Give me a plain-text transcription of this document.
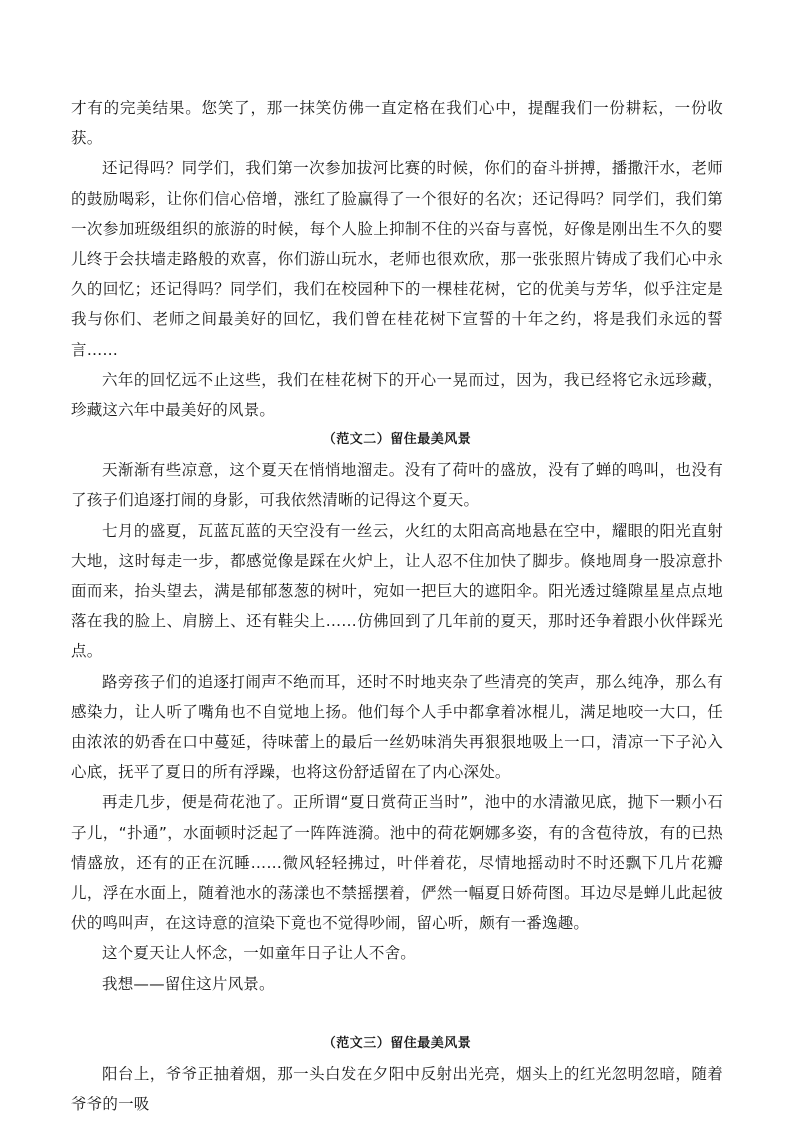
才有的完美结果。您笑了，那一抹笑仿佛一直定格在我们心中，提醒我们一份耕耘，一份收获。

还记得吗？同学们，我们第一次参加拔河比赛的时候，你们的奋斗拼搏，播撒汗水，老师的鼓励喝彩，让你们信心倍增，涨红了脸赢得了一个很好的名次；还记得吗？同学们，我们第一次参加班级组织的旅游的时候，每个人脸上抑制不住的兴奋与喜悦，好像是刚出生不久的婴儿终于会扶墙走路般的欢喜，你们游山玩水，老师也很欢欣，那一张张照片铸成了我们心中永久的回忆；还记得吗？同学们，我们在校园种下的一棵桂花树，它的优美与芳华，似乎注定是我与你们、老师之间最美好的回忆，我们曾在桂花树下宣誓的十年之约，将是我们永远的誓言……

六年的回忆远不止这些，我们在桂花树下的开心一晃而过，因为，我已经将它永远珍藏，珍藏这六年中最美好的风景。

（范文二）留住最美风景

天渐渐有些凉意，这个夏天在悄悄地溜走。没有了荷叶的盛放，没有了蝉的鸣叫，也没有了孩子们追逐打闹的身影，可我依然清晰的记得这个夏天。

七月的盛夏，瓦蓝瓦蓝的天空没有一丝云，火红的太阳高高地悬在空中，耀眼的阳光直射大地，这时每走一步，都感觉像是踩在火炉上，让人忍不住加快了脚步。倏地周身一股凉意扑面而来，抬头望去，满是郁郁葱葱的树叶，宛如一把巨大的遮阳伞。阳光透过缝隙星星点点地落在我的脸上、肩膀上、还有鞋尖上……仿佛回到了几年前的夏天，那时还争着跟小伙伴踩光点。

路旁孩子们的追逐打闹声不绝而耳，还时不时地夹杂了些清亮的笑声，那么纯净，那么有感染力，让人听了嘴角也不自觉地上扬。他们每个人手中都拿着冰棍儿，满足地咬一大口，任由浓浓的奶香在口中蔓延，待味蕾上的最后一丝奶味消失再狠狠地吸上一口，清凉一下子沁入心底，抚平了夏日的所有浮躁，也将这份舒适留在了内心深处。

再走几步，便是荷花池了。正所谓“夏日赏荷正当时”，池中的水清澈见底，抛下一颗小石子儿，“扑通”，水面顿时泛起了一阵阵涟漪。池中的荷花婀娜多姿，有的含苞待放，有的已热情盛放，还有的正在沉睡……微风轻轻拂过，叶伴着花，尽情地摇动时不时还飘下几片花瓣儿，浮在水面上，随着池水的荡漾也不禁摇摆着，俨然一幅夏日娇荷图。耳边尽是蝉儿此起彼伏的鸣叫声，在这诗意的渲染下竟也不觉得吵闹，留心听，颇有一番逸趣。

这个夏天让人怀念，一如童年日子让人不舍。

我想——留住这片风景。

（范文三）留住最美风景

阳台上，爷爷正抽着烟，那一头白发在夕阳中反射出光亮，烟头上的红光忽明忽暗，随着爷爷的一吸
